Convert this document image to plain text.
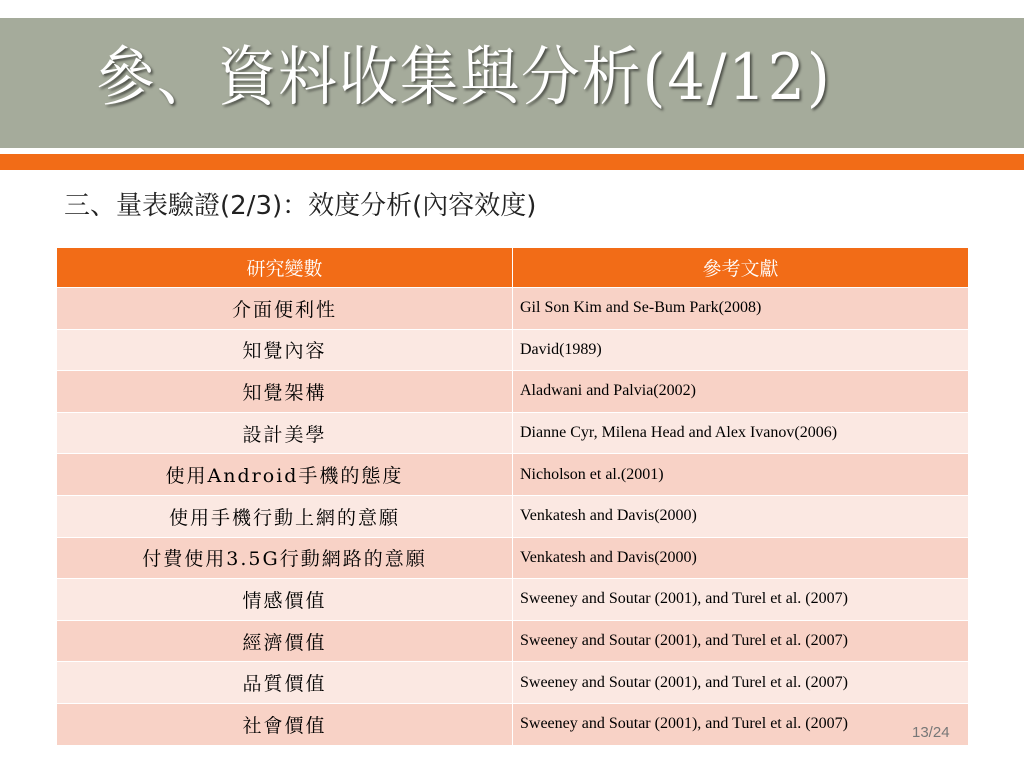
參、資料收集與分析(4/12)
三、量表驗證(2/3)：效度分析(內容效度)
研究變數	參考文獻
介面便利性	Gil Son Kim and Se-Bum Park(2008)
知覺內容	David(1989)
知覺架構	Aladwani and Palvia(2002)
設計美學	Dianne Cyr, Milena Head and Alex Ivanov(2006)
使用Android手機的態度	Nicholson et al.(2001)
使用手機行動上網的意願	Venkatesh and Davis(2000)
付費使用3.5G行動網路的意願	Venkatesh and Davis(2000)
情感價值	Sweeney and Soutar (2001), and Turel et al. (2007)
經濟價值	Sweeney and Soutar (2001), and Turel et al. (2007)
品質價值	Sweeney and Soutar (2001), and Turel et al. (2007)
社會價值	Sweeney and Soutar (2001), and Turel et al. (2007)
13/24
